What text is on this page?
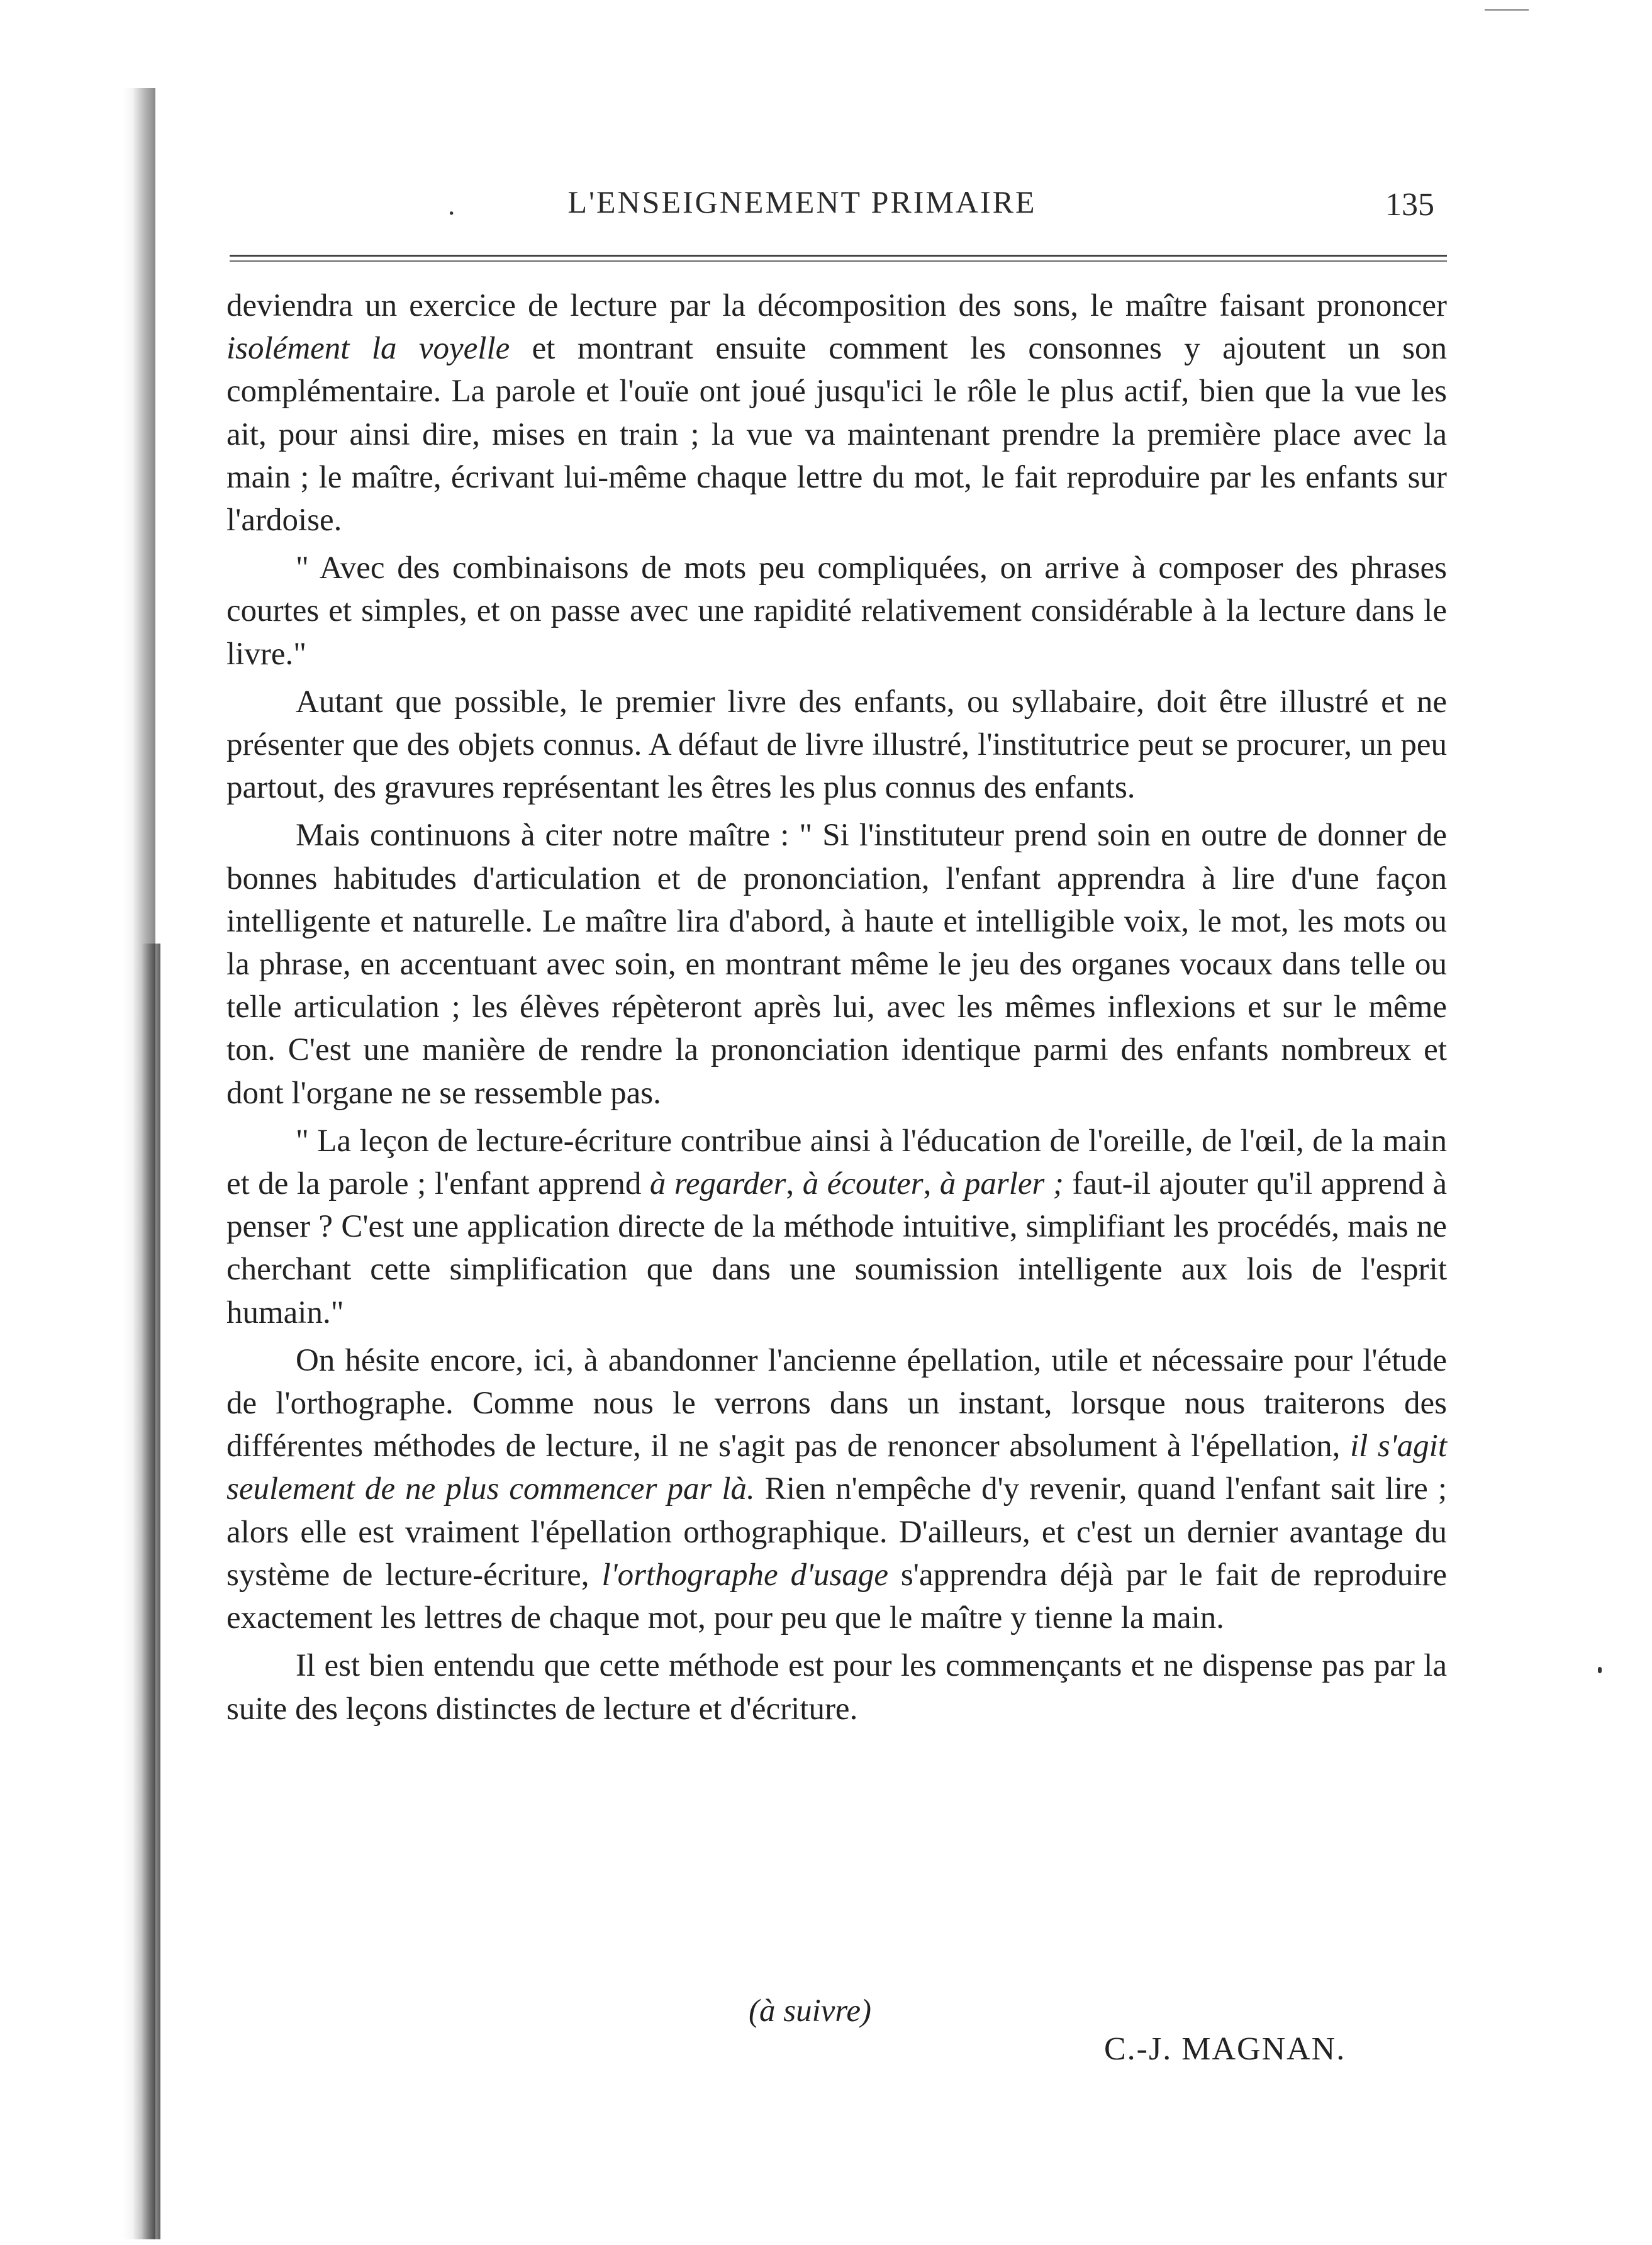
·	L'ENSEIGNEMENT PRIMAIRE	135

deviendra un exercice de lecture par la décomposition des sons, le maître faisant prononcer isolément la voyelle et montrant ensuite comment les consonnes y ajoutent un son complémentaire. La parole et l'ouïe ont joué jusqu'ici le rôle le plus actif, bien que la vue les ait, pour ainsi dire, mises en train ; la vue va maintenant prendre la première place avec la main ; le maître, écrivant lui-même chaque lettre du mot, le fait reproduire par les enfants sur l'ardoise.

" Avec des combinaisons de mots peu compliquées, on arrive à composer des phrases courtes et simples, et on passe avec une rapidité relativement considérable à la lecture dans le livre."

Autant que possible, le premier livre des enfants, ou syllabaire, doit être illustré et ne présenter que des objets connus. A défaut de livre illustré, l'institutrice peut se procurer, un peu partout, des gravures représentant les êtres les plus connus des enfants.

Mais continuons à citer notre maître : " Si l'instituteur prend soin en outre de donner de bonnes habitudes d'articulation et de prononciation, l'enfant apprendra à lire d'une façon intelligente et naturelle. Le maître lira d'abord, à haute et intelligible voix, le mot, les mots ou la phrase, en accentuant avec soin, en montrant même le jeu des organes vocaux dans telle ou telle articulation ; les élèves répèteront après lui, avec les mêmes inflexions et sur le même ton. C'est une manière de rendre la prononciation identique parmi des enfants nombreux et dont l'organe ne se ressemble pas.

" La leçon de lecture-écriture contribue ainsi à l'éducation de l'oreille, de l'œil, de la main et de la parole ; l'enfant apprend à regarder, à écouter, à parler ; faut-il ajouter qu'il apprend à penser ? C'est une application directe de la méthode intuitive, simplifiant les procédés, mais ne cherchant cette simplification que dans une soumission intelligente aux lois de l'esprit humain."

On hésite encore, ici, à abandonner l'ancienne épellation, utile et nécessaire pour l'étude de l'orthographe. Comme nous le verrons dans un instant, lorsque nous traiterons des différentes méthodes de lecture, il ne s'agit pas de renoncer absolument à l'épellation, il s'agit seulement de ne plus commencer par là. Rien n'empêche d'y revenir, quand l'enfant sait lire ; alors elle est vraiment l'épellation orthographique. D'ailleurs, et c'est un dernier avantage du système de lecture-écriture, l'orthographe d'usage s'apprendra déjà par le fait de reproduire exactement les lettres de chaque mot, pour peu que le maître y tienne la main.

Il est bien entendu que cette méthode est pour les commençants et ne dispense pas par la suite des leçons distinctes de lecture et d'écriture.

(à suivre)
C.-J. MAGNAN.
